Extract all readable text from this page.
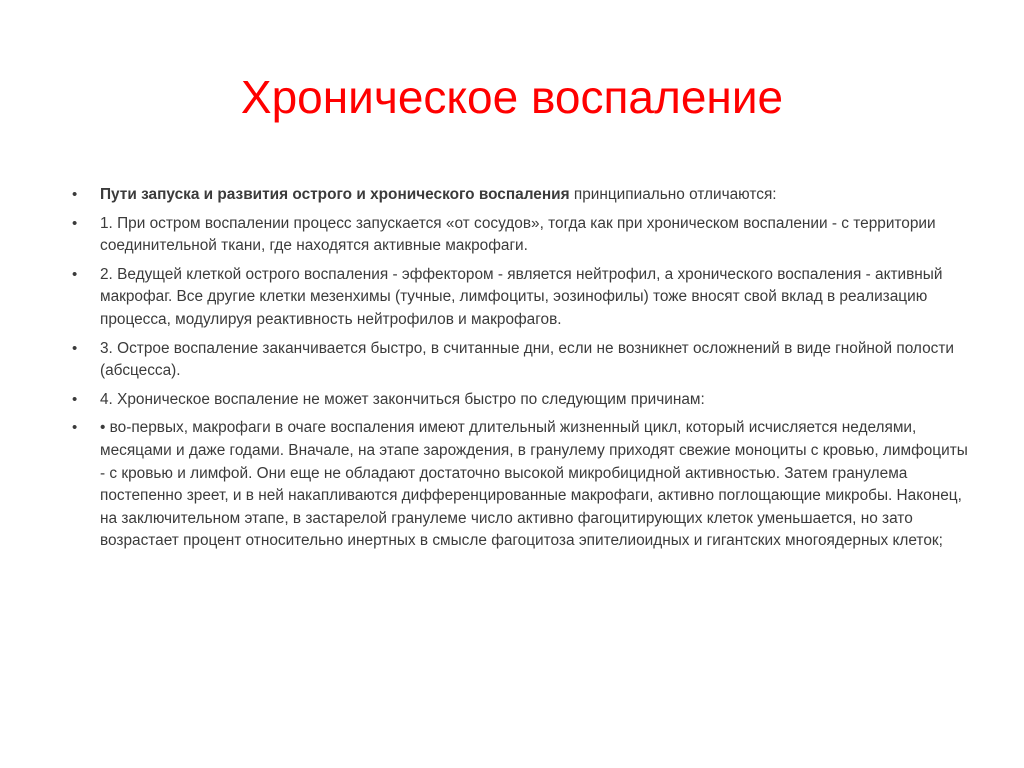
Хроническое воспаление
•	Пути запуска и развития острого и хронического воспаления принципиально отличаются:
•	1. При остром воспалении процесс запускается «от сосудов», тогда как при хроническом воспалении - с территории соединительной ткани, где находятся активные макрофаги.
•	2. Ведущей клеткой острого воспаления - эффектором - является нейтрофил, а хронического воспаления - активный макрофаг. Все другие клетки мезенхимы (тучные, лимфоциты, эозинофилы) тоже вносят свой вклад в реализацию процесса, модулируя реактивность нейтрофилов и макрофагов.
•	3. Острое воспаление заканчивается быстро, в считанные дни, если не возникнет осложнений в виде гнойной полости (абсцесса).
•	4. Хроническое воспаление не может закончиться быстро по следующим причинам:
•	• во-первых, макрофаги в очаге воспаления имеют длительный жизненный цикл, который исчисляется неделями, месяцами и даже годами. Вначале, на этапе зарождения, в гранулему приходят свежие моноциты с кровью, лимфоциты - с кровью и лимфой. Они еще не обладают достаточно высокой микробицидной активностью. Затем гранулема постепенно зреет, и в ней накапливаются дифференцированные макрофаги, активно поглощающие микробы. Наконец, на заключительном этапе, в застарелой гранулеме число активно фагоцитирующих клеток уменьшается, но зато возрастает процент относительно инертных в смысле фагоцитоза эпителиоидных и гигантских многоядерных клеток;
